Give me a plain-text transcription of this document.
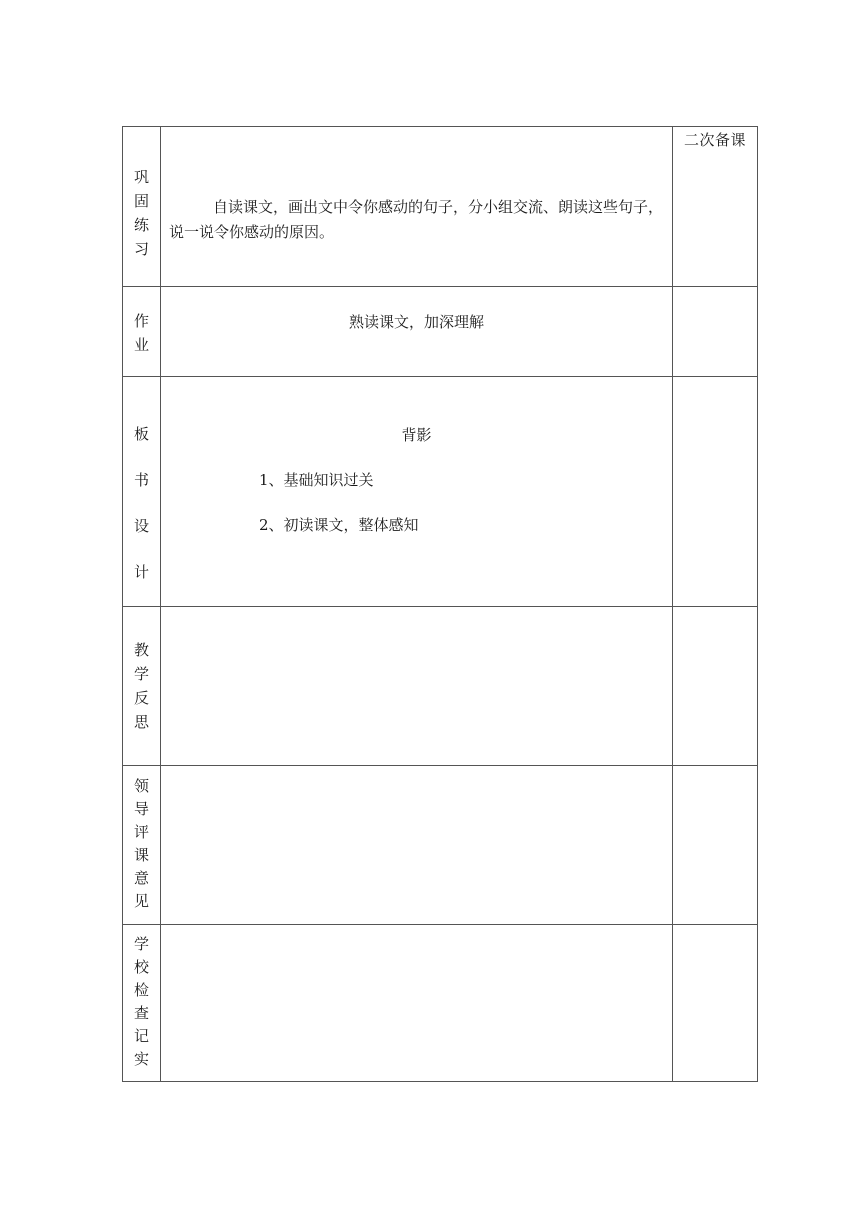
巩
固
练
习
自读课文，画出文中令你感动的句子，分小组交流、朗读这些句子，说一说令你感动的原因。
二次备课
作
业
熟读课文，加深理解
板
书
设
计
背影
1、基础知识过关
2、初读课文，整体感知
教
学
反
思
领
导
评
课
意
见
学
校
检
查
记
实
